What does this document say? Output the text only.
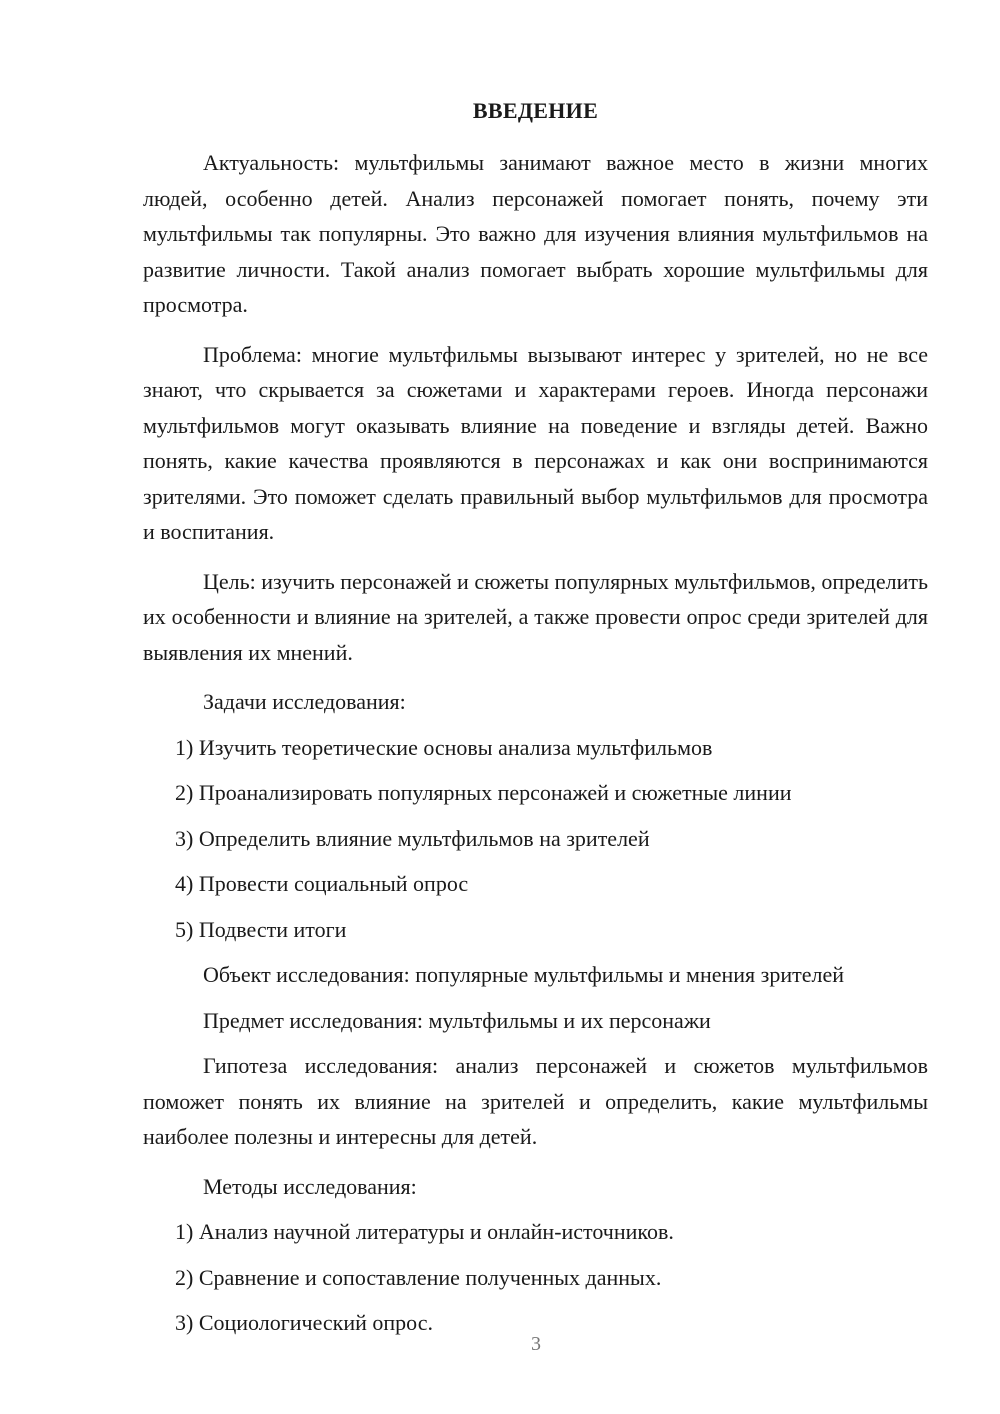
ВВЕДЕНИЕ

Актуальность: мультфильмы занимают важное место в жизни многих людей, особенно детей. Анализ персонажей помогает понять, почему эти мультфильмы так популярны. Это важно для изучения влияния мультфильмов на развитие личности. Такой анализ помогает выбрать хорошие мультфильмы для просмотра.

Проблема: многие мультфильмы вызывают интерес у зрителей, но не все знают, что скрывается за сюжетами и характерами героев. Иногда персонажи мультфильмов могут оказывать влияние на поведение и взгляды детей. Важно понять, какие качества проявляются в персонажах и как они воспринимаются зрителями. Это поможет сделать правильный выбор мультфильмов для просмотра и воспитания.

Цель: изучить персонажей и сюжеты популярных мультфильмов, определить их особенности и влияние на зрителей, а также провести опрос среди зрителей для выявления их мнений.

Задачи исследования:

1) Изучить теоретические основы анализа мультфильмов

2) Проанализировать популярных персонажей и сюжетные линии

3) Определить влияние мультфильмов на зрителей

4) Провести социальный опрос

5) Подвести итоги

Объект исследования: популярные мультфильмы и мнения зрителей

Предмет исследования: мультфильмы и их персонажи

Гипотеза исследования: анализ персонажей и сюжетов мультфильмов поможет понять их влияние на зрителей и определить, какие мультфильмы наиболее полезны и интересны для детей.

Методы исследования:

1) Анализ научной литературы и онлайн-источников.

2) Сравнение и сопоставление полученных данных.

3) Социологический опрос.

3
